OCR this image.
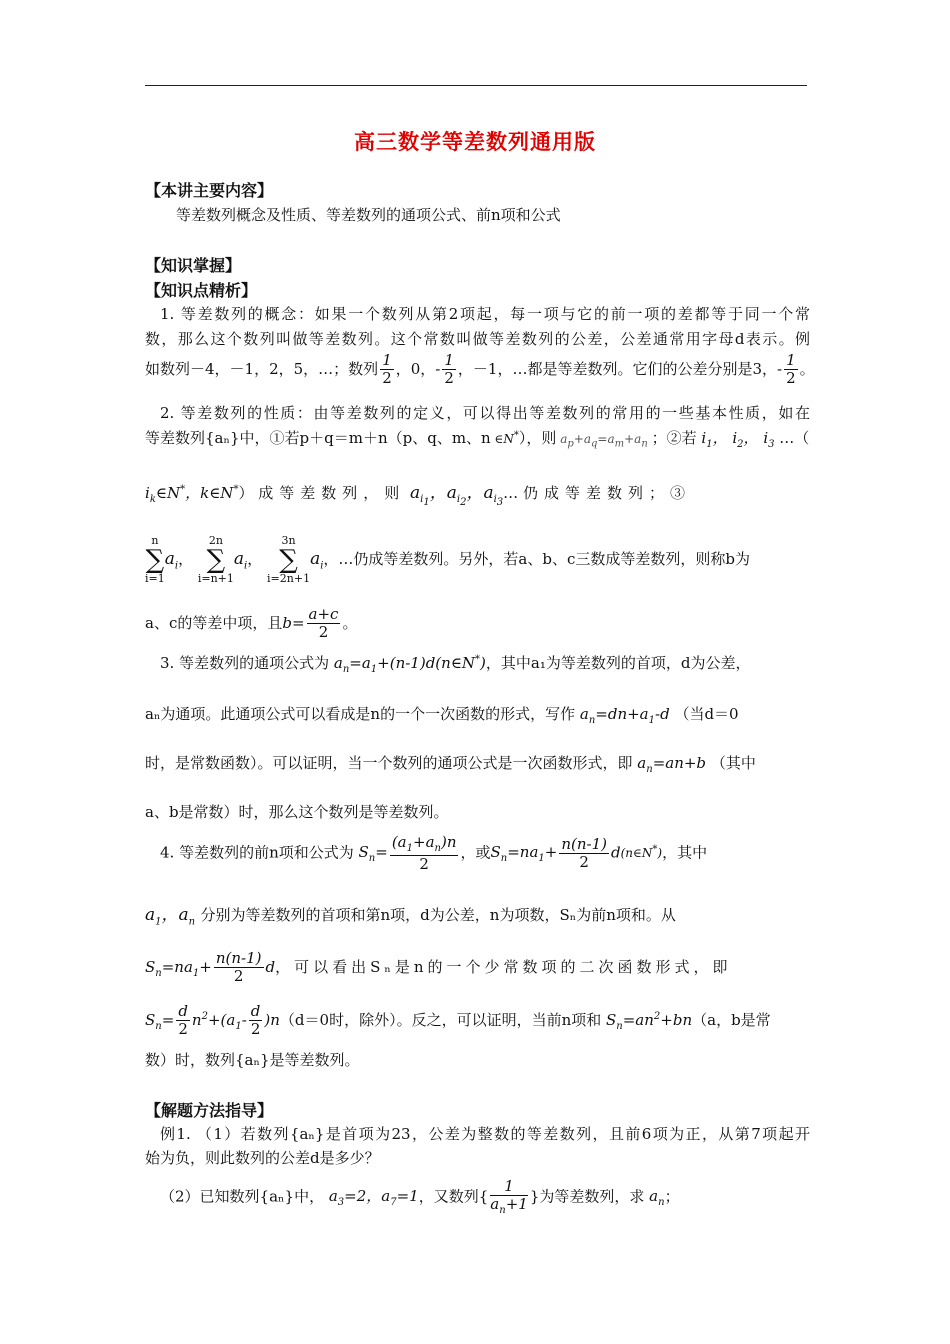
高三数学等差数列通用版
【本讲主要内容】
等差数列概念及性质、等差数列的通项公式、前n项和公式
【知识掌握】
【知识点精析】
1. 等差数列的概念：如果一个数列从第2项起，每一项与它的前一项的差都等于同一个常
数，那么这个数列叫做等差数列。这个常数叫做等差数列的公差，公差通常用字母d表示。例
如数列－4，－1，2，5，…；数列 $\frac{1}{2}$ ，0，- $\frac{1}{2}$ ，－1，…都是等差数列。它们的公差分别是3，- $\frac{1}{2}$ 。
2. 等差数列的性质：由等差数列的定义，可以得出等差数列的常用的一些基本性质，如在
等差数列{aₙ}中，①若p＋q＝m＋n（p、q、m、n ∈N*），则 $a_p+a_q=a_m+a_n$ ；②若 $i_1$， $i_2$， $i_3$ …（
$i_k\in N^*$，k∈N*） 成等差数列，则 $a_{i_1}$，$a_{i_2}$，$a_{i_3}\dots$ 仍成等差数列；③
n
∑
$i=1a_i$， 2n
∑
$i=n+1a_i$， 3n
∑
$i=2n+1a_i$，…仍成等差数列。另外，若a、b、c三数成等差数列，则称b为
a、c的等差中项，且$b= \frac{a+c}{2}$ 。
3. 等差数列的通项公式为 $a_n=a_1+(n-1)d(n\in N^*)$，其中a₁为等差数列的首项，d为公差，
aₙ为通项。此通项公式可以看成是n的一个一次函数的形式，写作 $a_n=dn+a_1-d$ （当d＝0
时，是常数函数）。可以证明，当一个数列的通项公式是一次函数形式，即 $a_n=an+b$ （其中
a、b是常数）时，那么这个数列是等差数列。
4. 等差数列的前n项和公式为 $S_n= \frac{(a_1+a_n)n}{2}$ ，或$S_n=na_1+ \frac{n(n-1)}{2}$ d(n∈N*)，其中
$a_1$，$a_n$ 分别为等差数列的首项和第n项，d为公差，n为项数，Sₙ为前n项和。从
$S_n=na_1+ \frac{n(n-1)}{2}$ d，可以看出Sₙ是n的一个少常数项的二次函数形式，即
$S_n= \frac{d}{2} n^2+(a_1- \frac{d}{2} )n(d=0$时，除外）。反之，可以证明，当前n项和 $S_n=an^2+bn(a$，b是常
数）时，数列{aₙ}是等差数列。
【解题方法指导】
例1. （1）若数列{aₙ}是首项为23，公差为整数的等差数列，且前6项为正，从第7项起开
始为负，则此数列的公差d是多少？
（2）已知数列{aₙ}中， $a_3=2$，$a_7=1$，又数列{ $\frac{1}{a_n+1}$ }为等差数列，求 $a_n$；
